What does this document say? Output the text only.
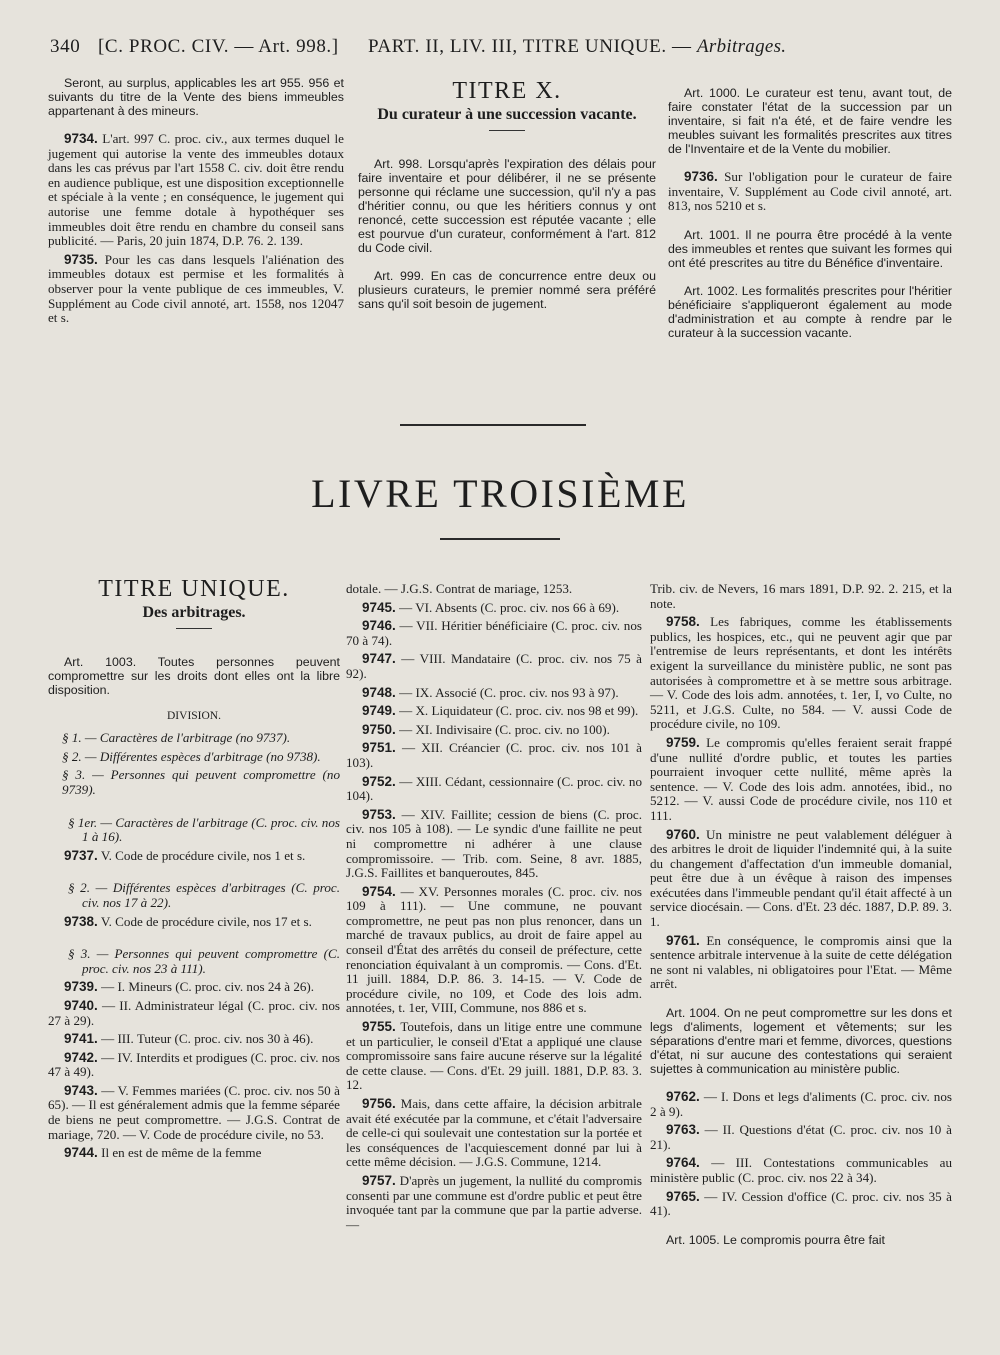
340 [C. PROC. CIV. — Art. 998.] PART. II, LIV. III, TITRE UNIQUE. — Arbitrages.

Seront, au surplus, applicables les art 955. 956 et suivants du titre de la Vente des biens immeubles appartenant à des mineurs.

9734. L'art. 997 C. proc. civ., aux termes duquel le jugement qui autorise la vente des immeubles dotaux dans les cas prévus par l'art 1558 C. civ. doit être rendu en audience publique, est une disposition exceptionnelle et spéciale à la vente ; en conséquence, le jugement qui autorise une femme dotale à hypothéquer ses immeubles doit être rendu en chambre du conseil sans publicité. — Paris, 20 juin 1874, D.P. 76. 2. 139.

9735. Pour les cas dans lesquels l'aliénation des immeubles dotaux est permise et les formalités à observer pour la vente publique de ces immeubles, V. Supplément au Code civil annoté, art. 1558, nos 12047 et s.

TITRE X.
Du curateur à une succession vacante.

Art. 998. Lorsqu'après l'expiration des délais pour faire inventaire et pour délibérer, il ne se présente personne qui réclame une succession, qu'il n'y a pas d'héritier connu, ou que les héritiers connus y ont renoncé, cette succession est réputée vacante ; elle est pourvue d'un curateur, conformément à l'art. 812 du Code civil.

Art. 999. En cas de concurrence entre deux ou plusieurs curateurs, le premier nommé sera préféré sans qu'il soit besoin de jugement.

Art. 1000. Le curateur est tenu, avant tout, de faire constater l'état de la succession par un inventaire, si fait n'a été, et de faire vendre les meubles suivant les formalités prescrites aux titres de l'Inventaire et de la Vente du mobilier.

9736. Sur l'obligation pour le curateur de faire inventaire, V. Supplément au Code civil annoté, art. 813, nos 5210 et s.

Art. 1001. Il ne pourra être procédé à la vente des immeubles et rentes que suivant les formes qui ont été prescrites au titre du Bénéfice d'inventaire.

Art. 1002. Les formalités prescrites pour l'héritier bénéficiaire s'appliqueront également au mode d'administration et au compte à rendre par le curateur à la succession vacante.

LIVRE TROISIÈME
TITRE UNIQUE.
Des arbitrages.

Art. 1003. Toutes personnes peuvent compromettre sur les droits dont elles ont la libre disposition.

DIVISION.

§ 1. — Caractères de l'arbitrage (no 9737).

§ 2. — Différentes espèces d'arbitrage (no 9738).

§ 3. — Personnes qui peuvent compromettre (no 9739).

§ 1er. — Caractères de l'arbitrage (C. proc. civ. nos 1 à 16).

9737. V. Code de procédure civile, nos 1 et s.

§ 2. — Différentes espèces d'arbitrages (C. proc. civ. nos 17 à 22).

9738. V. Code de procédure civile, nos 17 et s.

§ 3. — Personnes qui peuvent compromettre (C. proc. civ. nos 23 à 111).

9739. — I. Mineurs (C. proc. civ. nos 24 à 26).

9740. — II. Administrateur légal (C. proc. civ. nos 27 à 29).

9741. — III. Tuteur (C. proc. civ. nos 30 à 46).

9742. — IV. Interdits et prodigues (C. proc. civ. nos 47 à 49).

9743. — V. Femmes mariées (C. proc. civ. nos 50 à 65). — Il est généralement admis que la femme séparée de biens ne peut compromettre. — J.G.S. Contrat de mariage, 720. — V. Code de procédure civile, no 53.

9744. Il en est de même de la femme

dotale. — J.G.S. Contrat de mariage, 1253.

9745. — VI. Absents (C. proc. civ. nos 66 à 69).

9746. — VII. Héritier bénéficiaire (C. proc. civ. nos 70 à 74).

9747. — VIII. Mandataire (C. proc. civ. nos 75 à 92).

9748. — IX. Associé (C. proc. civ. nos 93 à 97).

9749. — X. Liquidateur (C. proc. civ. nos 98 et 99).

9750. — XI. Indivisaire (C. proc. civ. no 100).

9751. — XII. Créancier (C. proc. civ. nos 101 à 103).

9752. — XIII. Cédant, cessionnaire (C. proc. civ. no 104).

9753. — XIV. Faillite; cession de biens (C. proc. civ. nos 105 à 108). — Le syndic d'une faillite ne peut ni compromettre ni adhérer à une clause compromissoire. — Trib. com. Seine, 8 avr. 1885, J.G.S. Faillites et banqueroutes, 845.

9754. — XV. Personnes morales (C. proc. civ. nos 109 à 111). — Une commune, ne pouvant compromettre, ne peut pas non plus renoncer, dans un marché de travaux publics, au droit de faire appel au conseil d'État des arrêtés du conseil de préfecture, cette renonciation équivalant à un compromis. — Cons. d'Et. 11 juill. 1884, D.P. 86. 3. 14-15. — V. Code de procédure civile, no 109, et Code des lois adm. annotées, t. 1er, VIII, Commune, nos 886 et s.

9755. Toutefois, dans un litige entre une commune et un particulier, le conseil d'Etat a appliqué une clause compromissoire sans faire aucune réserve sur la légalité de cette clause. — Cons. d'Et. 29 juill. 1881, D.P. 83. 3. 12.

9756. Mais, dans cette affaire, la décision arbitrale avait été exécutée par la commune, et c'était l'adversaire de celle-ci qui soulevait une contestation sur la portée et les conséquences de l'acquiescement donné par lui à cette même décision. — J.G.S. Commune, 1214.

9757. D'après un jugement, la nullité du compromis consenti par une commune est d'ordre public et peut être invoquée tant par la commune que par la partie adverse. —

Trib. civ. de Nevers, 16 mars 1891, D.P. 92. 2. 215, et la note.

9758. Les fabriques, comme les établissements publics, les hospices, etc., qui ne peuvent agir que par l'entremise de leurs représentants, et dont les intérêts exigent la surveillance du ministère public, ne sont pas autorisées à compromettre et à se mettre sous arbitrage. — V. Code des lois adm. annotées, t. 1er, I, vo Culte, no 5211, et J.G.S. Culte, no 584. — V. aussi Code de procédure civile, no 109.

9759. Le compromis qu'elles feraient serait frappé d'une nullité d'ordre public, et toutes les parties pourraient invoquer cette nullité, même après la sentence. — V. Code des lois adm. annotées, ibid., no 5212. — V. aussi Code de procédure civile, nos 110 et 111.

9760. Un ministre ne peut valablement déléguer à des arbitres le droit de liquider l'indemnité qui, à la suite du changement d'affectation d'un immeuble domanial, peut être due à un évêque à raison des impenses exécutées dans l'immeuble pendant qu'il était affecté à un service diocésain. — Cons. d'Et. 23 déc. 1887, D.P. 89. 3. 1.

9761. En conséquence, le compromis ainsi que la sentence arbitrale intervenue à la suite de cette délégation ne sont ni valables, ni obligatoires pour l'Etat. — Même arrêt.

Art. 1004. On ne peut compromettre sur les dons et legs d'aliments, logement et vêtements; sur les séparations d'entre mari et femme, divorces, questions d'état, ni sur aucune des contestations qui seraient sujettes à communication au ministère public.

9762. — I. Dons et legs d'aliments (C. proc. civ. nos 2 à 9).

9763. — II. Questions d'état (C. proc. civ. nos 10 à 21).

9764. — III. Contestations communicables au ministère public (C. proc. civ. nos 22 à 34).

9765. — IV. Cession d'office (C. proc. civ. nos 35 à 41).

Art. 1005. Le compromis pourra être fait
